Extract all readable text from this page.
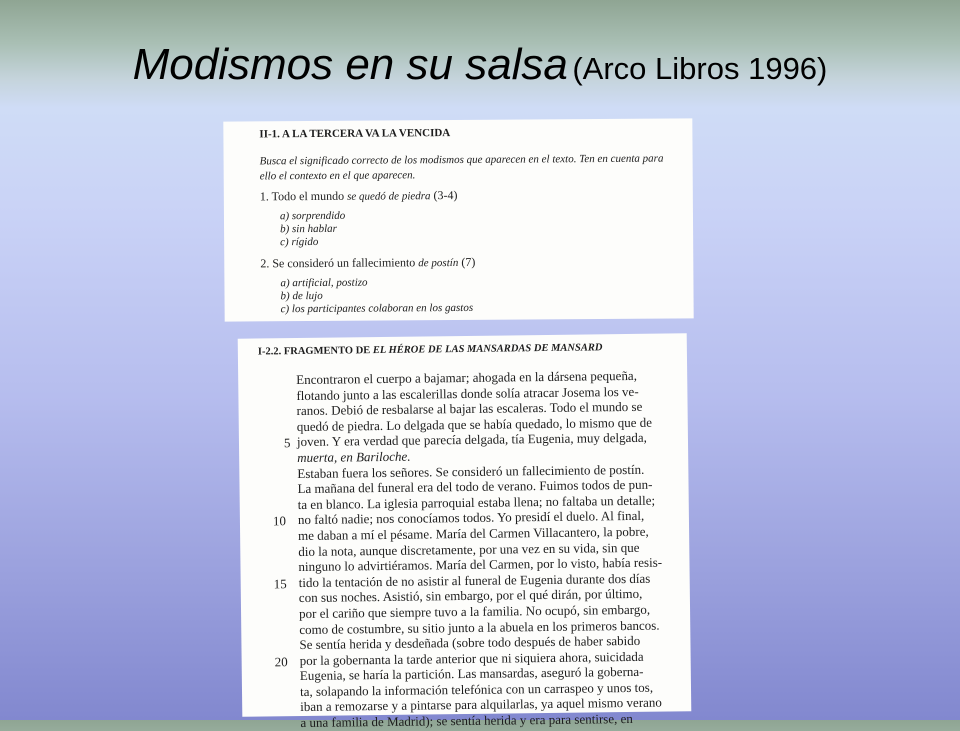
Modismos en su salsa (Arco Libros 1996)
II-1. A LA TERCERA VA LA VENCIDA
Busca el significado correcto de los modismos que aparecen en el texto. Ten en cuenta para ello el contexto en el que aparecen.
1. Todo el mundo se quedó de piedra (3-4)
a) sorprendido
b) sin hablar
c) rígido
2. Se consideró un fallecimiento de postín (7)
a) artificial, postizo
b) de lujo
c) los participantes colaboran en los gastos
I-2.2. FRAGMENTO DE EL HÉROE DE LAS MANSARDAS DE MANSARD
5
10
15
20
Encontraron el cuerpo a bajamar; ahogada en la dársena pequeña,
flotando junto a las escalerillas donde solía atracar Josema los ve-
ranos. Debió de resbalarse al bajar las escaleras. Todo el mundo se
quedó de piedra. Lo delgada que se había quedado, lo mismo que de
joven. Y era verdad que parecía delgada, tía Eugenia, muy delgada,
muerta, en Bariloche.
Estaban fuera los señores. Se consideró un fallecimiento de postín.
La mañana del funeral era del todo de verano. Fuimos todos de pun-
ta en blanco. La iglesia parroquial estaba llena; no faltaba un detalle;
no faltó nadie; nos conocíamos todos. Yo presidí el duelo. Al final,
me daban a mí el pésame. María del Carmen Villacantero, la pobre,
dio la nota, aunque discretamente, por una vez en su vida, sin que
ninguno lo advirtiéramos. María del Carmen, por lo visto, había resis-
tido la tentación de no asistir al funeral de Eugenia durante dos días
con sus noches. Asistió, sin embargo, por el qué dirán, por último,
por el cariño que siempre tuvo a la familia. No ocupó, sin embargo,
como de costumbre, su sitio junto a la abuela en los primeros bancos.
Se sentía herida y desdeñada (sobre todo después de haber sabido
por la gobernanta la tarde anterior que ni siquiera ahora, suicidada
Eugenia, se haría la partición. Las mansardas, aseguró la goberna-
ta, solapando la información telefónica con un carraspeo y unos tos,
iban a remozarse y a pintarse para alquilarlas, ya aquel mismo verano
a una familia de Madrid); se sentía herida y era para sentirse, en
